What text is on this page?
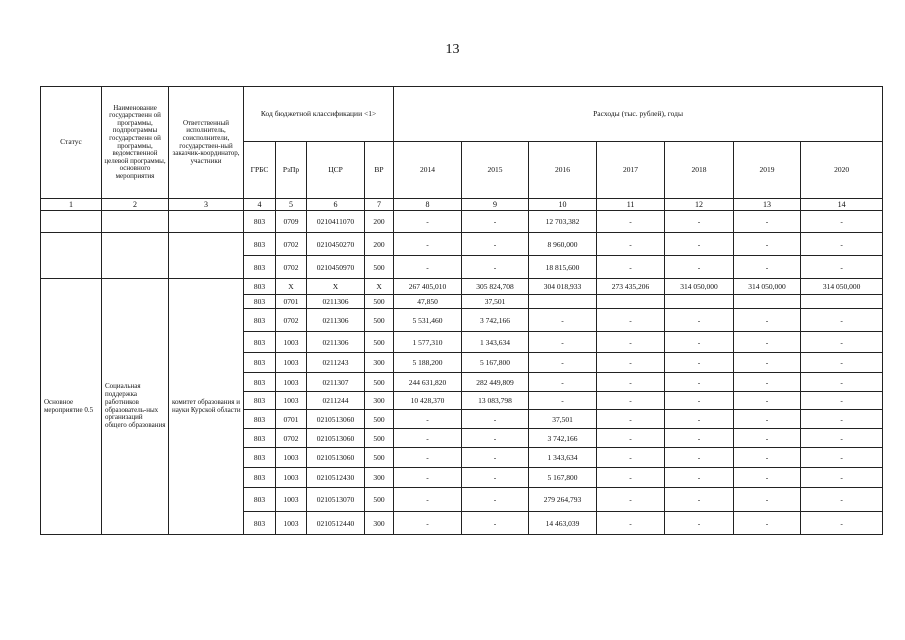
13
Статус	Наименование государственн ой программы, подпрограммы государственн ой программы, ведомственной целевой программы, основного мероприятия	Ответственный исполнитель, соисполнители, государствен-ный заказчик-координатор, участники	Код бюджетной классификации <1>				Расходы (тыс. рублей), годы						
			ГРБС	РзПр	ЦСР	ВР	2014	2015	2016	2017	2018	2019	2020
1	2	3	4	5	6	7	8	9	10	11	12	13	14
			803	0709	0210411070	200	-	-	12 703,382	-	-	-	-
			803	0702	0210450270	200	-	-	8 960,000	-	-	-	-
			803	0702	0210450970	500	-	-	18 815,600	-	-	-	-
Основное мероприятие 0.5	Социальная поддержка работников образователь-ных организаций общего образования	комитет образования и науки Курской области	803	Х	Х	Х	267 405,010	305 824,708	304 018,933	273 435,206	314 050,000	314 050,000	314 050,000
			803	0701	0211306	500	47,850	37,501					
			803	0702	0211306	500	5 531,460	3 742,166	-	-	-	-	-
			803	1003	0211306	500	1 577,310	1 343,634	-	-	-	-	-
			803	1003	0211243	300	5 188,200	5 167,800	-	-	-	-	-
			803	1003	0211307	500	244 631,820	282 449,809	-	-	-	-	-
			803	1003	0211244	300	10 428,370	13 083,798	-	-	-	-	-
			803	0701	0210513060	500	-	-	37,501	-	-	-	-
			803	0702	0210513060	500	-	-	3 742,166	-	-	-	-
			803	1003	0210513060	500	-	-	1 343,634	-	-	-	-
			803	1003	0210512430	300	-	-	5 167,800	-	-	-	-
			803	1003	0210513070	500	-	-	279 264,793	-	-	-	-
			803	1003	0210512440	300	-	-	14 463,039	-	-	-	-
